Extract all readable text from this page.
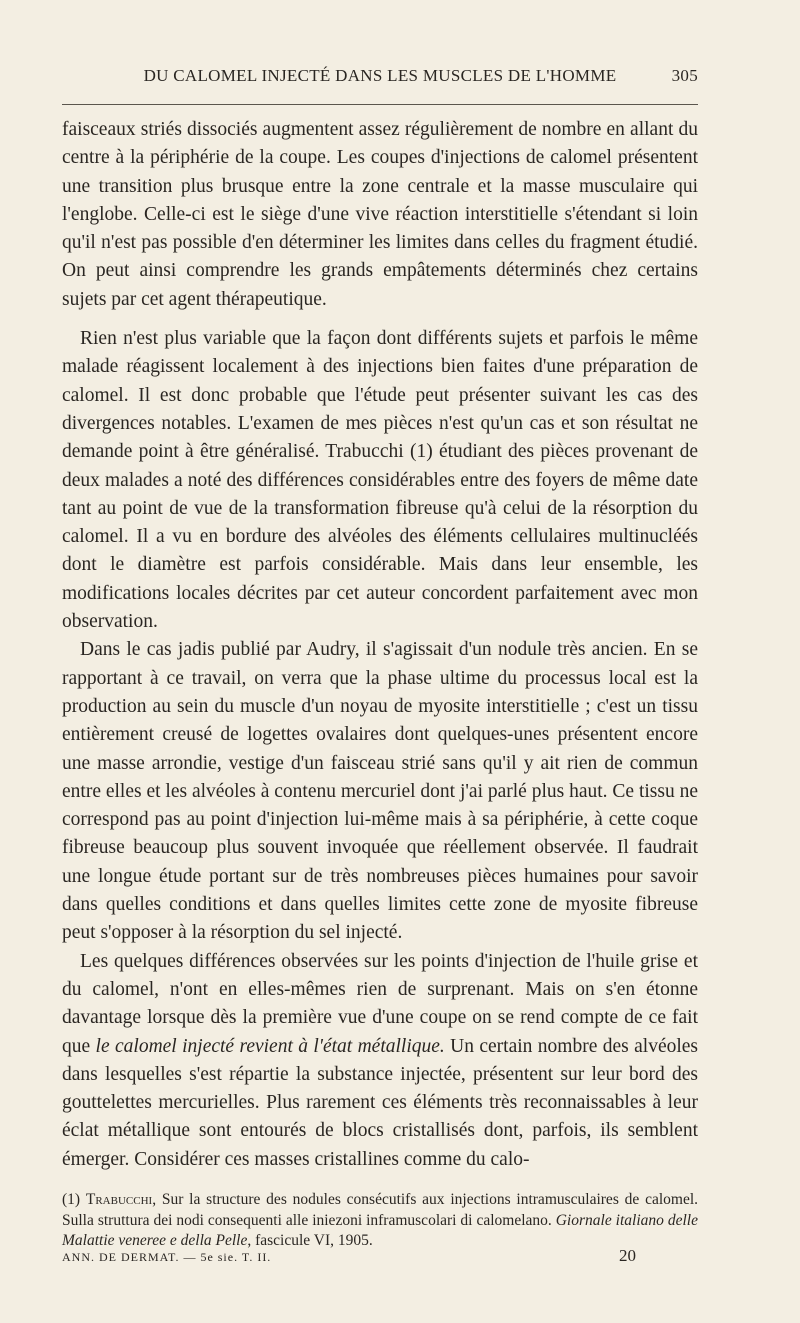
DU CALOMEL INJECTÉ DANS LES MUSCLES DE L'HOMME	305

faisceaux striés dissociés augmentent assez régulièrement de nombre en allant du centre à la périphérie de la coupe. Les coupes d'injections de calomel présentent une transition plus brusque entre la zone centrale et la masse musculaire qui l'englobe. Celle-ci est le siège d'une vive réaction interstitielle s'étendant si loin qu'il n'est pas possible d'en déterminer les limites dans celles du fragment étudié. On peut ainsi comprendre les grands empâtements déterminés chez certains sujets par cet agent thérapeutique.

Rien n'est plus variable que la façon dont différents sujets et parfois le même malade réagissent localement à des injections bien faites d'une préparation de calomel. Il est donc probable que l'étude peut présenter suivant les cas des divergences notables. L'examen de mes pièces n'est qu'un cas et son résultat ne demande point à être généralisé. Trabucchi (1) étudiant des pièces provenant de deux malades a noté des différences considérables entre des foyers de même date tant au point de vue de la transformation fibreuse qu'à celui de la résorption du calomel. Il a vu en bordure des alvéoles des éléments cellulaires multinucléés dont le diamètre est parfois considérable. Mais dans leur ensemble, les modifications locales décrites par cet auteur concordent parfaitement avec mon observation.

Dans le cas jadis publié par Audry, il s'agissait d'un nodule très ancien. En se rapportant à ce travail, on verra que la phase ultime du processus local est la production au sein du muscle d'un noyau de myosite interstitielle ; c'est un tissu entièrement creusé de logettes ovalaires dont quelques-unes présentent encore une masse arrondie, vestige d'un faisceau strié sans qu'il y ait rien de commun entre elles et les alvéoles à contenu mercuriel dont j'ai parlé plus haut. Ce tissu ne correspond pas au point d'injection lui-même mais à sa périphérie, à cette coque fibreuse beaucoup plus souvent invoquée que réellement observée. Il faudrait une longue étude portant sur de très nombreuses pièces humaines pour savoir dans quelles conditions et dans quelles limites cette zone de myosite fibreuse peut s'opposer à la résorption du sel injecté.

Les quelques différences observées sur les points d'injection de l'huile grise et du calomel, n'ont en elles-mêmes rien de surprenant. Mais on s'en étonne davantage lorsque dès la première vue d'une coupe on se rend compte de ce fait que le calomel injecté revient à l'état métallique. Un certain nombre des alvéoles dans lesquelles s'est répartie la substance injectée, présentent sur leur bord des gouttelettes mercurielles. Plus rarement ces éléments très reconnaissables à leur éclat métallique sont entourés de blocs cristallisés dont, parfois, ils semblent émerger. Considérer ces masses cristallines comme du calo-

(1) Trabucchi, Sur la structure des nodules consécutifs aux injections intramusculaires de calomel. Sulla struttura dei nodi consequenti alle iniezoni inframuscolari di calomelano. Giornale italiano delle Malattie veneree e della Pelle, fascicule VI, 1905.
ANN. DE DERMAT. — 5e sie. T. II.	20
